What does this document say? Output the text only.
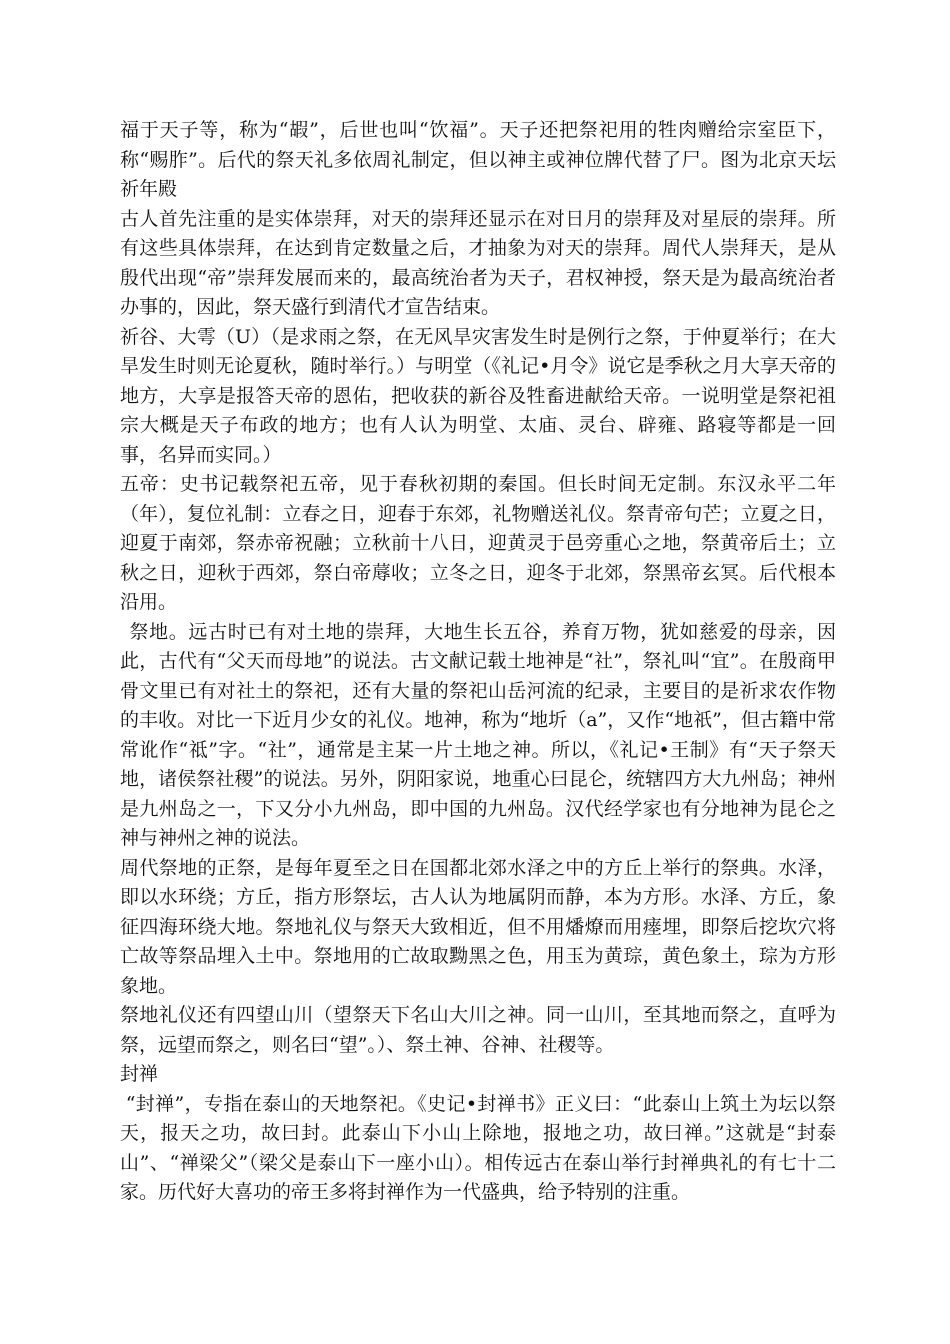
福于天子等，称为“嘏”，后世也叫“饮福”。天子还把祭祀用的牲肉赠给宗室臣下，称“赐胙”。后代的祭天礼多依周礼制定，但以神主或神位牌代替了尸。图为北京天坛祈年殿

古人首先注重的是实体崇拜，对天的崇拜还显示在对日月的崇拜及对星辰的崇拜。所有这些具体崇拜，在达到肯定数量之后，才抽象为对天的崇拜。周代人崇拜天，是从殷代出现“帝”崇拜发展而来的，最高统治者为天子，君权神授，祭天是为最高统治者办事的，因此，祭天盛行到清代才宣告结束。

祈谷、大雩（U）（是求雨之祭，在无风旱灾害发生时是例行之祭，于仲夏举行；在大旱发生时则无论夏秋，随时举行。）与明堂（《礼记•月令》说它是季秋之月大享天帝的地方，大享是报答天帝的恩佑，把收获的新谷及牲畜进献给天帝。一说明堂是祭祀祖宗大概是天子布政的地方；也有人认为明堂、太庙、灵台、辟雍、路寝等都是一回事，名异而实同。）

五帝：史书记载祭祀五帝，见于春秋初期的秦国。但长时间无定制。东汉永平二年（年），复位礼制：立春之日，迎春于东郊，礼物赠送礼仪。祭青帝句芒；立夏之日，迎夏于南郊，祭赤帝祝融；立秋前十八日，迎黄灵于邑旁重心之地，祭黄帝后土；立秋之日，迎秋于西郊，祭白帝蓐收；立冬之日，迎冬于北郊，祭黑帝玄冥。后代根本沿用。

祭地。远古时已有对土地的崇拜，大地生长五谷，养育万物，犹如慈爱的母亲，因此，古代有“父天而母地”的说法。古文献记载土地神是“社”，祭礼叫“宜”。在殷商甲骨文里已有对社土的祭祀，还有大量的祭祀山岳河流的纪录，主要目的是祈求农作物的丰收。对比一下近月少女的礼仪。地神，称为“地圻（a”，又作“地祇”，但古籍中常常讹作“祗”字。“社”，通常是主某一片土地之神。所以，《礼记•王制》有“天子祭天地，诸侯祭社稷”的说法。另外，阴阳家说，地重心曰昆仑，统辖四方大九州岛；神州是九州岛之一，下又分小九州岛，即中国的九州岛。汉代经学家也有分地神为昆仑之神与神州之神的说法。

周代祭地的正祭，是每年夏至之日在国都北郊水泽之中的方丘上举行的祭典。水泽，即以水环绕；方丘，指方形祭坛，古人认为地属阴而静，本为方形。水泽、方丘，象征四海环绕大地。祭地礼仪与祭天大致相近，但不用燔燎而用瘗埋，即祭后挖坎穴将亡故等祭品埋入土中。祭地用的亡故取黝黑之色，用玉为黄琮，黄色象土，琮为方形象地。

祭地礼仪还有四望山川（望祭天下名山大川之神。同一山川，至其地而祭之，直呼为祭，远望而祭之，则名曰“望”。）、祭土神、谷神、社稷等。

封禅

“封禅”，专指在泰山的天地祭祀。《史记•封禅书》正义曰：“此泰山上筑土为坛以祭天，报天之功，故曰封。此泰山下小山上除地，报地之功，故曰禅。”这就是“封泰山”、“禅梁父”（梁父是泰山下一座小山）。相传远古在泰山举行封禅典礼的有七十二家。历代好大喜功的帝王多将封禅作为一代盛典，给予特别的注重。
